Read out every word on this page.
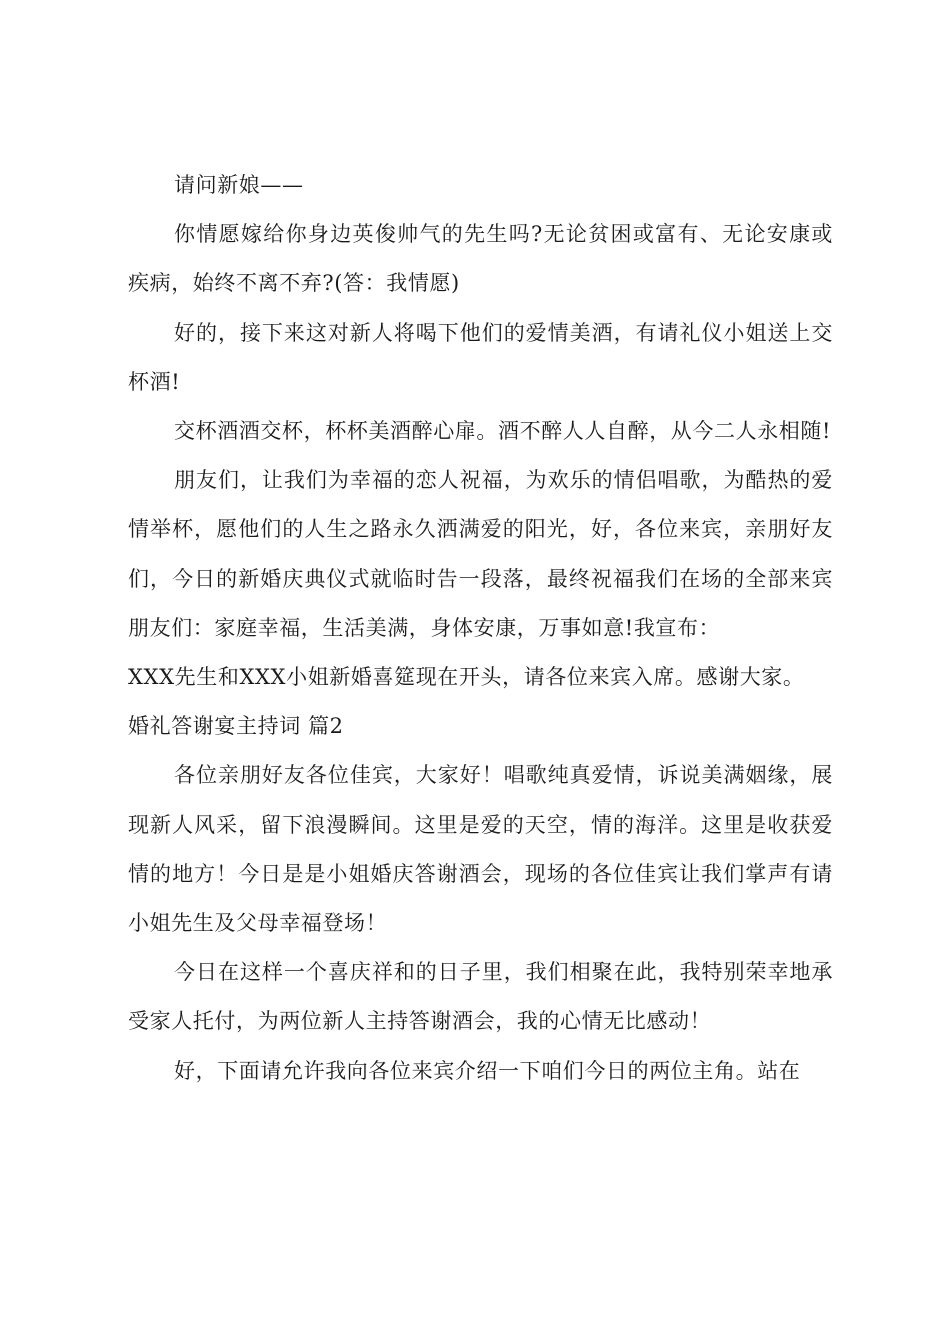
请问新娘——

你情愿嫁给你身边英俊帅气的先生吗?无论贫困或富有、无论安康或疾病，始终不离不弃?(答：我情愿)

好的，接下来这对新人将喝下他们的爱情美酒，有请礼仪小姐送上交杯酒!

交杯酒酒交杯，杯杯美酒醉心扉。酒不醉人人自醉，从今二人永相随!

朋友们，让我们为幸福的恋人祝福，为欢乐的情侣唱歌，为酷热的爱情举杯，愿他们的人生之路永久洒满爱的阳光，好，各位来宾，亲朋好友们，今日的新婚庆典仪式就临时告一段落，最终祝福我们在场的全部来宾朋友们：家庭幸福，生活美满，身体安康，万事如意!我宣布：

XXX先生和XXX小姐新婚喜筵现在开头，请各位来宾入席。感谢大家。

婚礼答谢宴主持词 篇2

各位亲朋好友各位佳宾，大家好！唱歌纯真爱情，诉说美满姻缘，展现新人风采，留下浪漫瞬间。这里是爱的天空，情的海洋。这里是收获爱情的地方！今日是是小姐婚庆答谢酒会，现场的各位佳宾让我们掌声有请小姐先生及父母幸福登场！

今日在这样一个喜庆祥和的日子里，我们相聚在此，我特别荣幸地承受家人托付，为两位新人主持答谢酒会，我的心情无比感动！

好，下面请允许我向各位来宾介绍一下咱们今日的两位主角。站在
